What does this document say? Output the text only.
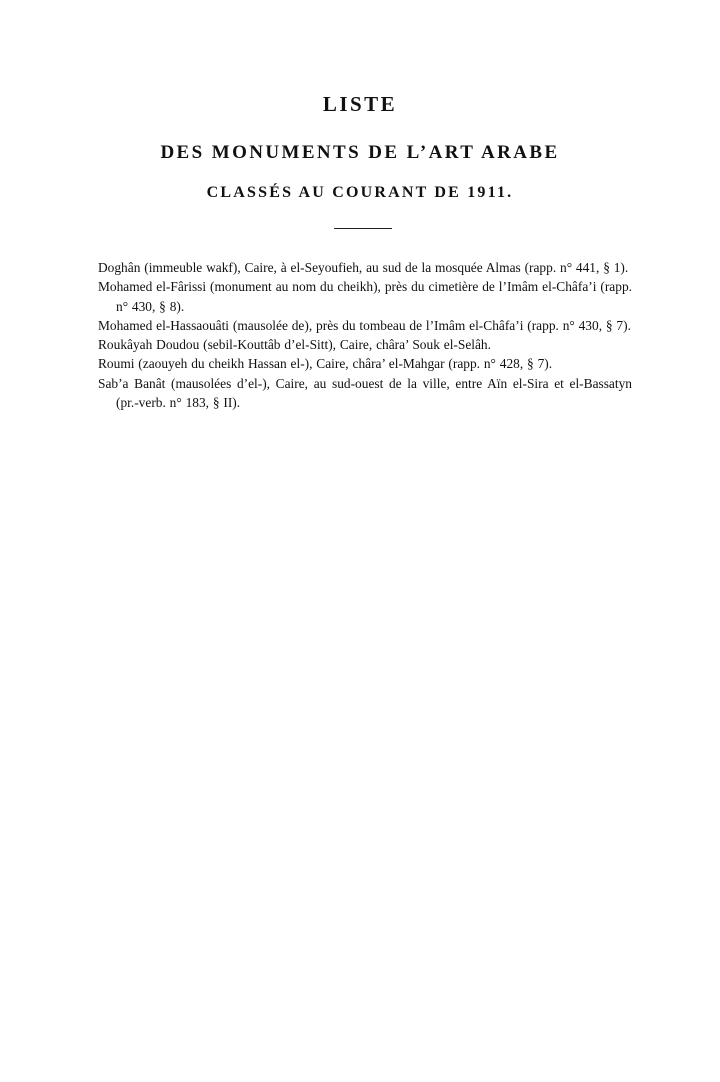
LISTE
DES MONUMENTS DE L’ART ARABE
CLASSÉS AU COURANT DE 1911.
Doghân (immeuble wakf), Caire, à el-Seyoufieh, au sud de la mosquée Almas (rapp. n° 441, § 1).
Mohamed el-Fârissi (monument au nom du cheikh), près du cimetière de l’Imâm el-Châfa’i (rapp. n° 430, § 8).
Mohamed el-Hassaouâti (mausolée de), près du tombeau de l’Imâm el-Châfa’i (rapp. n° 430, § 7).
Roukâyah Doudou (sebil-Kouttâb d’el-Sitt), Caire, châra’ Souk el-Selâh.
Roumi (zaouyeh du cheikh Hassan el-), Caire, châra’ el-Mahgar (rapp. n° 428, § 7).
Sab’a Banât (mausolées d’el-), Caire, au sud-ouest de la ville, entre Aïn el-Sira et el-Bassatyn (pr.-verb. n° 183, § II).
